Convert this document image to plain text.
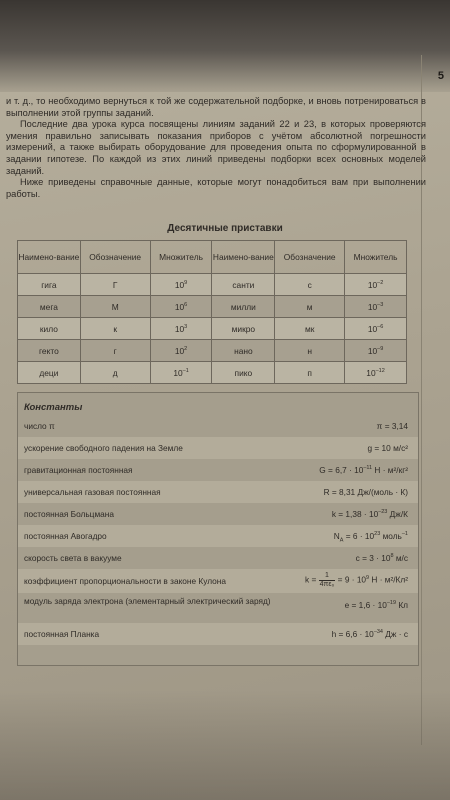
5

и т. д., то необходимо вернуться к той же содержательной подборке, и вновь потренироваться в выполнении этой группы заданий.

Последние два урока курса посвящены линиям заданий 22 и 23, в которых проверяются умения правильно записывать показания приборов с учётом абсолютной погрешности измерений, а также выбирать оборудование для проведения опыта по сформулированной в задании гипотезе. По каждой из этих линий приведены подборки всех основных моделей заданий.

Ниже приведены справочные данные, которые могут понадобиться вам при выполнении работы.

Десятичные приставки
Наимено-вание	Обозначение	Множитель	Наимено-вание	Обозначение	Множитель
гига	Г	$10^9$	санти	с	$10^{-2}$
мега	М	$10^6$	милли	м	$10^{-3}$
кило	к	$10^3$	микро	мк	$10^{-6}$
гекто	г	$10^2$	нано	н	$10^{-9}$
деци	д	$10^{-1}$	пико	п	$10^{-12}$
Константы
число π	π = 3,14
ускорение свободного падения на Земле	g = 10 м/с²
гравитационная постоянная	$G = 6,7 \cdot 10^{-11}$ Н · м²/кг²
универсальная газовая постоянная	R = 8,31 Дж/(моль · К)
постоянная Больцмана	$k = 1,38 \cdot 10^{-23}$ Дж/К
постоянная Авогадро	$N_А = 6 \cdot 10^{23}$ моль$^{-1}$
скорость света в вакууме	$c = 3 \cdot 10^8$ м/с
коэффициент пропорциональности в законе Кулона	$k = \frac{1}{\text{4πε₀}} = 9 \cdot 10^9$ Н · м²/Кл²
модуль заряда электрона (элементарный электрический заряд)	$e = 1,6 \cdot 10^{-19}$ Кл
постоянная Планка	$h = 6,6 \cdot 10^{-34}$ Дж · с
